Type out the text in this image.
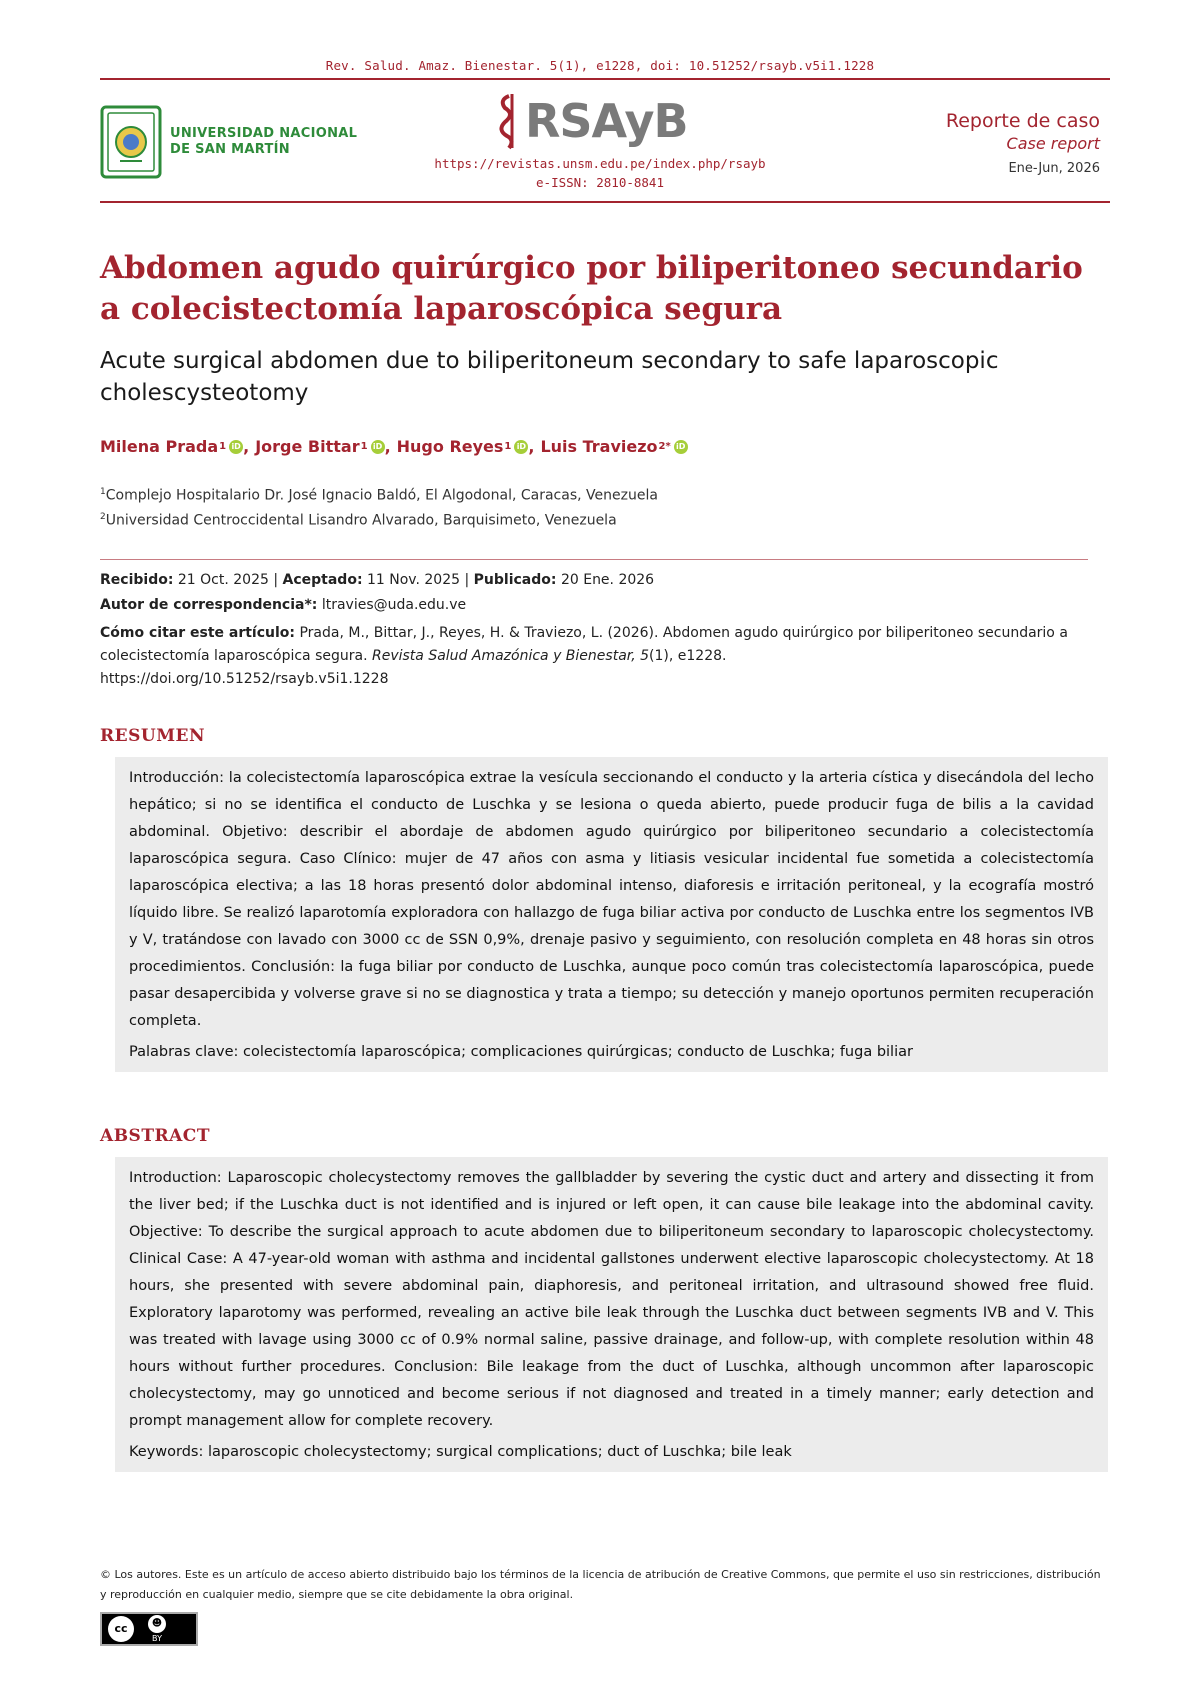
Rev. Salud. Amaz. Bienestar. 5(1), e1228, doi: 10.51252/rsayb.v5i1.1228
UNIVERSIDAD NACIONAL
DE SAN MARTÍN
RSAyB
https://revistas.unsm.edu.pe/index.php/rsayb
e-ISSN: 2810-8841
Reporte de caso
Case report
Ene-Jun, 2026
Abdomen agudo quirúrgico por biliperitoneo secundario a colecistectomía laparoscópica segura
Acute surgical abdomen due to biliperitoneum secondary to safe laparoscopic cholescysteotomy
Milena Prada 1 iD , Jorge Bittar 1 iD , Hugo Reyes 1 iD , Luis Traviezo 2* iD
$^1$Complejo Hospitalario Dr. José Ignacio Baldó, El Algodonal, Caracas, Venezuela
$^2$Universidad Centroccidental Lisandro Alvarado, Barquisimeto, Venezuela
Recibido: 21 Oct. 2025 | Aceptado: 11 Nov. 2025 | Publicado: 20 Ene. 2026
Autor de correspondencia*: ltravies@uda.edu.ve
Cómo citar este artículo: Prada, M., Bittar, J., Reyes, H. & Traviezo, L. (2026). Abdomen agudo quirúrgico por biliperitoneo secundario a colecistectomía laparoscópica segura. Revista Salud Amazónica y Bienestar, 5(1), e1228.
https://doi.org/10.51252/rsayb.v5i1.1228
RESUMEN
Introducción: la colecistectomía laparoscópica extrae la vesícula seccionando el conducto y la arteria cística y disecándola del lecho hepático; si no se identifica el conducto de Luschka y se lesiona o queda abierto, puede producir fuga de bilis a la cavidad abdominal. Objetivo: describir el abordaje de abdomen agudo quirúrgico por biliperitoneo secundario a colecistectomía laparoscópica segura. Caso Clínico: mujer de 47 años con asma y litiasis vesicular incidental fue sometida a colecistectomía laparoscópica electiva; a las 18 horas presentó dolor abdominal intenso, diaforesis e irritación peritoneal, y la ecografía mostró líquido libre. Se realizó laparotomía exploradora con hallazgo de fuga biliar activa por conducto de Luschka entre los segmentos IVB y V, tratándose con lavado con 3000 cc de SSN 0,9%, drenaje pasivo y seguimiento, con resolución completa en 48 horas sin otros procedimientos. Conclusión: la fuga biliar por conducto de Luschka, aunque poco común tras colecistectomía laparoscópica, puede pasar desapercibida y volverse grave si no se diagnostica y trata a tiempo; su detección y manejo oportunos permiten recuperación completa.
Palabras clave: colecistectomía laparoscópica; complicaciones quirúrgicas; conducto de Luschka; fuga biliar
ABSTRACT
Introduction: Laparoscopic cholecystectomy removes the gallbladder by severing the cystic duct and artery and dissecting it from the liver bed; if the Luschka duct is not identified and is injured or left open, it can cause bile leakage into the abdominal cavity. Objective: To describe the surgical approach to acute abdomen due to biliperitoneum secondary to laparoscopic cholecystectomy. Clinical Case: A 47-year-old woman with asthma and incidental gallstones underwent elective laparoscopic cholecystectomy. At 18 hours, she presented with severe abdominal pain, diaphoresis, and peritoneal irritation, and ultrasound showed free fluid. Exploratory laparotomy was performed, revealing an active bile leak through the Luschka duct between segments IVB and V. This was treated with lavage using 3000 cc of 0.9% normal saline, passive drainage, and follow-up, with complete resolution within 48 hours without further procedures. Conclusion: Bile leakage from the duct of Luschka, although uncommon after laparoscopic cholecystectomy, may go unnoticed and become serious if not diagnosed and treated in a timely manner; early detection and prompt management allow for complete recovery.
Keywords: laparoscopic cholecystectomy; surgical complications; duct of Luschka; bile leak
© Los autores. Este es un artículo de acceso abierto distribuido bajo los términos de la licencia de atribución de Creative Commons, que permite el uso sin restricciones, distribución y reproducción en cualquier medio, siempre que se cite debidamente la obra original.
cc	☻
BY
